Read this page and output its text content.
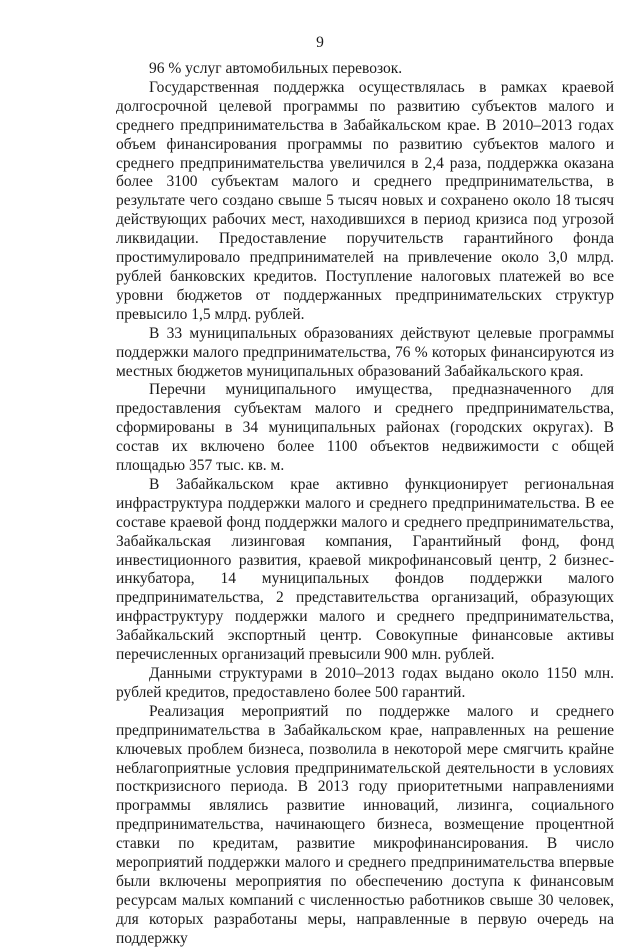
9

96 % услуг автомобильных перевозок.

Государственная поддержка осуществлялась в рамках краевой долгосрочной целевой программы по развитию субъектов малого и среднего предпринимательства в Забайкальском крае. В 2010–2013 годах объем финансирования программы по развитию субъектов малого и среднего предпринимательства увеличился в 2,4 раза, поддержка оказана более 3100 субъектам малого и среднего предпринимательства, в результате чего создано свыше 5 тысяч новых и сохранено около 18 тысяч действующих рабочих мест, находившихся в период кризиса под угрозой ликвидации. Предоставление поручительств гарантийного фонда простимулировало предпринимателей на привлечение около 3,0 млрд. рублей банковских кредитов. Поступление налоговых платежей во все уровни бюджетов от поддержанных предпринимательских структур превысило 1,5 млрд. рублей.

В 33 муниципальных образованиях действуют целевые программы поддержки малого предпринимательства, 76 % которых финансируются из местных бюджетов муниципальных образований Забайкальского края.

Перечни муниципального имущества, предназначенного для предоставления субъектам малого и среднего предпринимательства, сформированы в 34 муниципальных районах (городских округах). В состав их включено более 1100 объектов недвижимости с общей площадью 357 тыс. кв. м.

В Забайкальском крае активно функционирует региональная инфраструктура поддержки малого и среднего предпринимательства. В ее составе краевой фонд поддержки малого и среднего предпринимательства, Забайкальская лизинговая компания, Гарантийный фонд, фонд инвестиционного развития, краевой микрофинансовый центр, 2 бизнес-инкубатора, 14 муниципальных фондов поддержки малого предпринимательства, 2 представительства организаций, образующих инфраструктуру поддержки малого и среднего предпринимательства, Забайкальский экспортный центр. Совокупные финансовые активы перечисленных организаций превысили 900 млн. рублей.

Данными структурами в 2010–2013 годах выдано около 1150 млн. рублей кредитов, предоставлено более 500 гарантий.

Реализация мероприятий по поддержке малого и среднего предпринимательства в Забайкальском крае, направленных на решение ключевых проблем бизнеса, позволила в некоторой мере смягчить крайне неблагоприятные условия предпринимательской деятельности в условиях посткризисного периода. В 2013 году приоритетными направлениями программы являлись развитие инноваций, лизинга, социального предпринимательства, начинающего бизнеса, возмещение процентной ставки по кредитам, развитие микрофинансирования. В число мероприятий поддержки малого и среднего предпринимательства впервые были включены мероприятия по обеспечению доступа к финансовым ресурсам малых компаний с численностью работников свыше 30 человек, для которых разработаны меры, направленные в первую очередь на поддержку
